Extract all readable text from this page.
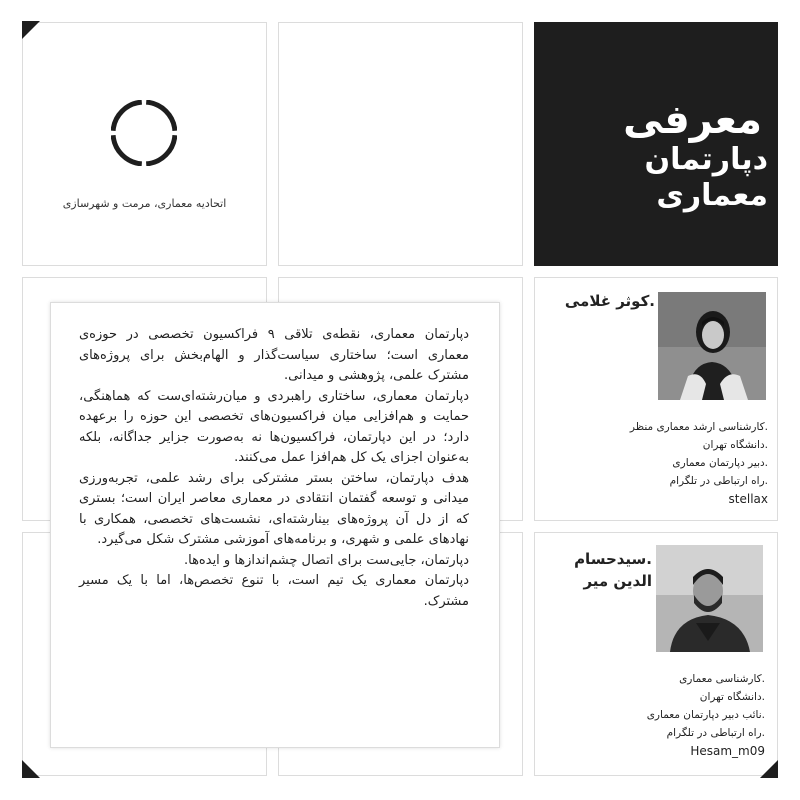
اتحادیه معماری، مرمت و شهرسازی
معرفی
دپارتمان معماری

دپارتمان معماری، نقطه‌ی تلاقی ۹ فراکسیون تخصصی در حوزه‌ی معماری است؛ ساختاری سیاست‌گذار و الهام‌بخش برای پروژه‌های مشترک علمی، پژوهشی و میدانی.

دپارتمان معماری، ساختاری راهبردی و میان‌رشته‌ای‌ست که هماهنگی، حمایت و هم‌افزایی میان فراکسیون‌های تخصصی این حوزه را برعهده دارد؛ در این دپارتمان، فراکسیون‌ها نه به‌صورت جزایر جداگانه، بلکه به‌عنوان اجزای یک کل هم‌افزا عمل می‌کنند.

هدف دپارتمان، ساختن بستر مشترکی برای رشد علمی، تجربه‌ورزی میدانی و توسعه گفتمان انتقادی در معماری معاصر ایران است؛ بستری که از دل آن پروژه‌های بینارشته‌ای، نشست‌های تخصصی، همکاری با نهادهای علمی و شهری، و برنامه‌های آموزشی مشترک شکل می‌گیرد.

دپارتمان، جایی‌ست برای اتصال چشم‌اندازها و ایده‌ها.

دپارتمان معماری یک تیم است، با تنوع تخصص‌ها، اما با یک مسیر مشترک.

.کوثر غلامی
.کارشناسی ارشد معماری منظر
.دانشگاه تهران
.دبیر دپارتمان معماری
.راه ارتباطی در تلگرام
stellax
.سیدحسام الدین میر
.کارشناسی معماری
.دانشگاه تهران
.نائب دبیر دپارتمان معماری
.راه ارتباطی در تلگرام
Hesam_m09
